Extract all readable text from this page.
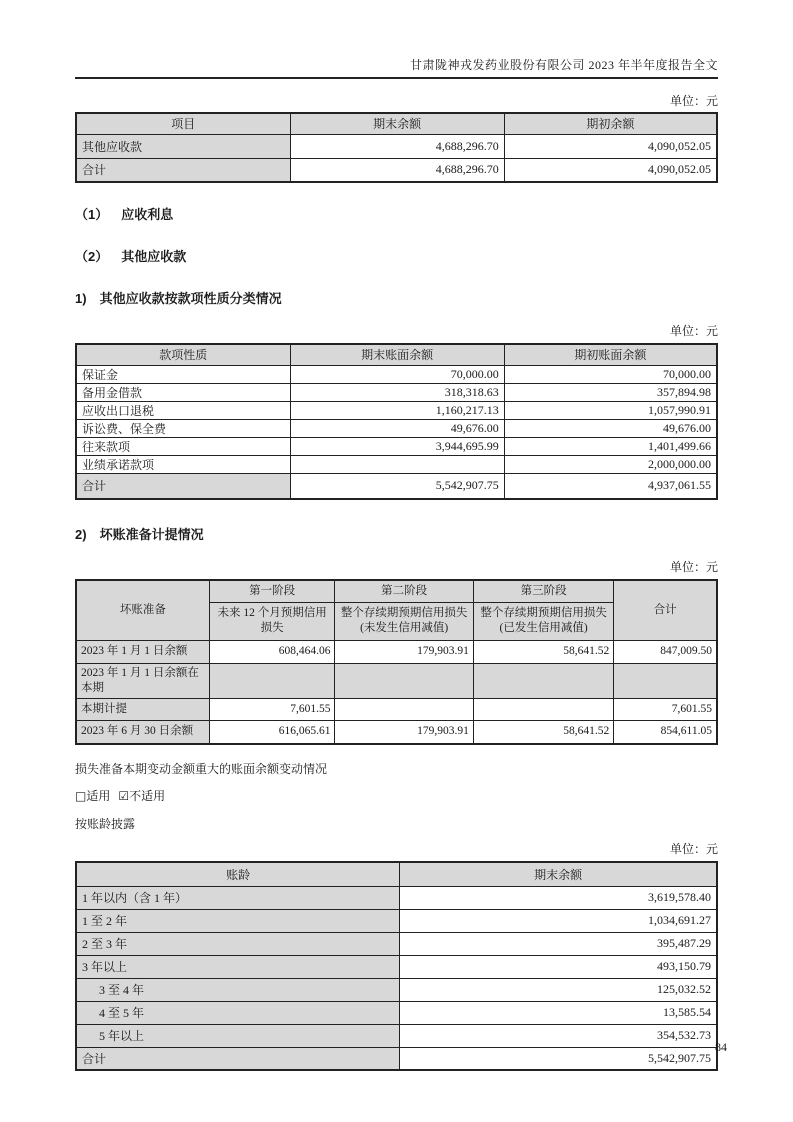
甘肃陇神戎发药业股份有限公司 2023 年半年度报告全文
单位：元
项目	期末余额	期初余额
其他应收款	4,688,296.70	4,090,052.05
合计	4,688,296.70	4,090,052.05
（1） 应收利息
（2） 其他应收款
1) 其他应收款按款项性质分类情况
单位：元
款项性质	期末账面余额	期初账面余额
保证金	70,000.00	70,000.00
备用金借款	318,318.63	357,894.98
应收出口退税	1,160,217.13	1,057,990.91
诉讼费、保全费	49,676.00	49,676.00
往来款项	3,944,695.99	1,401,499.66
业绩承诺款项		2,000,000.00
合计	5,542,907.75	4,937,061.55
2) 坏账准备计提情况
单位：元
坏账准备	第一阶段	第二阶段	第三阶段	合计
	未来 12 个月预期信用损失	整个存续期预期信用损失(未发生信用减值)	整个存续期预期信用损失(已发生信用减值)	
2023 年 1 月 1 日余额	608,464.06	179,903.91	58,641.52	847,009.50
2023 年 1 月 1 日余额在本期				
本期计提	7,601.55			7,601.55
2023 年 6 月 30 日余额	616,065.61	179,903.91	58,641.52	854,611.05
损失准备本期变动金额重大的账面余额变动情况
□适用 ☑不适用
按账龄披露
单位：元
账龄	期末余额
1 年以内（含 1 年）	3,619,578.40
1 至 2 年	1,034,691.27
2 至 3 年	395,487.29
3 年以上	493,150.79
3 至 4 年	125,032.52
4 至 5 年	13,585.54
5 年以上	354,532.73
合计	5,542,907.75
84
